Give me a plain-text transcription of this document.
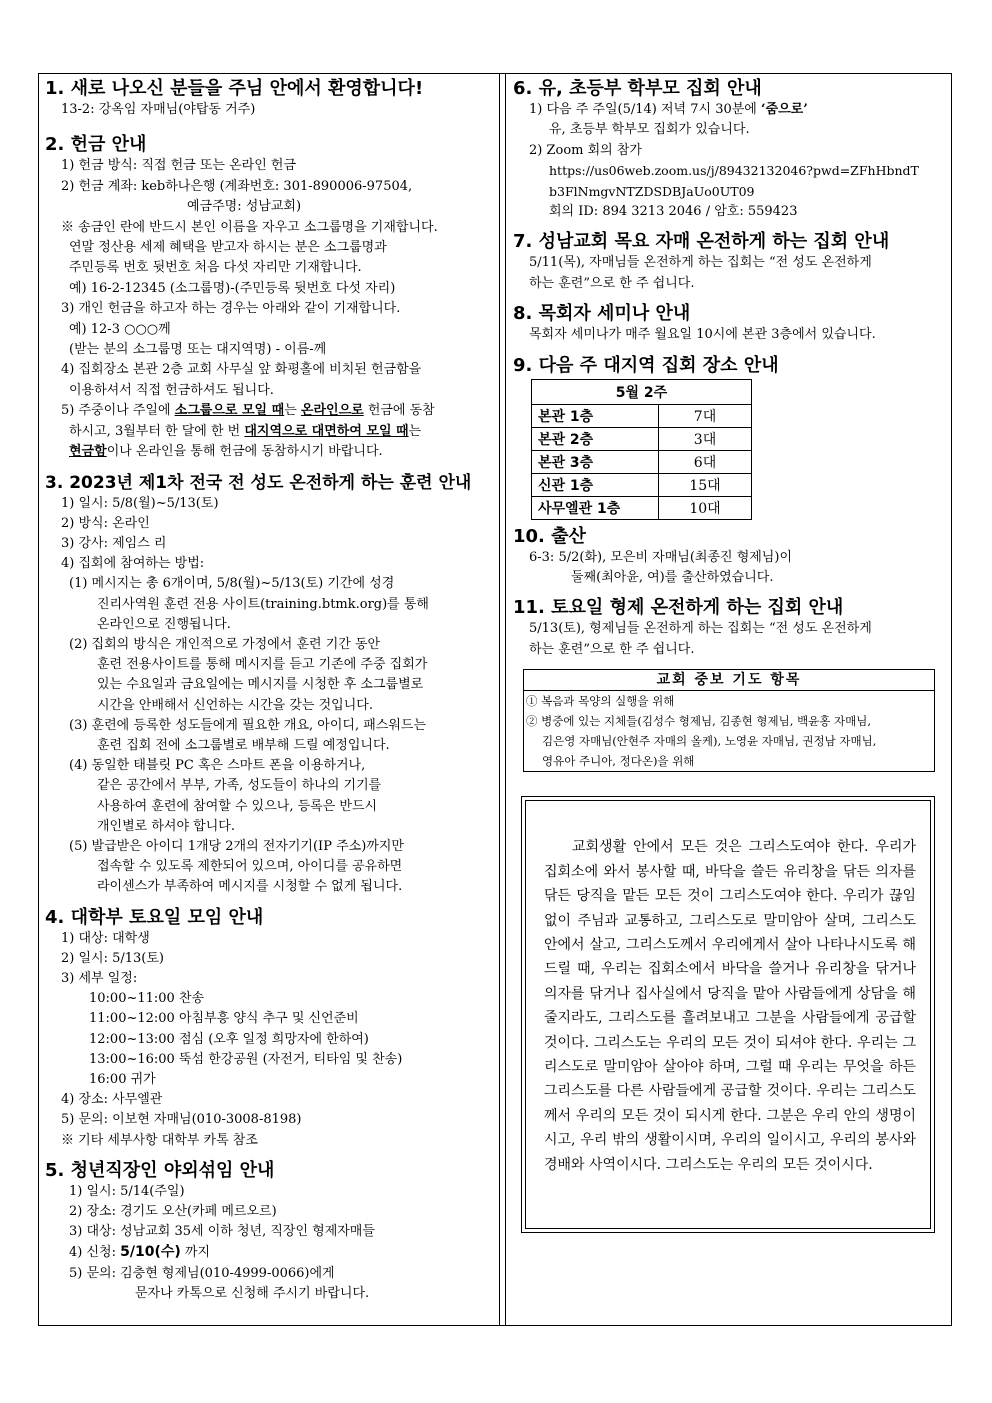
1. 새로 나오신 분들을 주님 안에서 환영합니다!
13-2: 강옥임 자매님(야탑동 거주)
2. 헌금 안내
1) 헌금 방식: 직접 헌금 또는 온라인 헌금
2) 헌금 계좌: keb하나은행 (계좌번호: 301-890006-97504,
예금주명: 성남교회)
※ 송금인 란에 반드시 본인 이름을 자우고 소그룹명을 기재합니다.
연말 정산용 세제 혜택을 받고자 하시는 분은 소그룹명과
주민등록 번호 뒷번호 처음 다섯 자리만 기재합니다.
예) 16-2-12345 (소그룹명)-(주민등록 뒷번호 다섯 자리)
3) 개인 헌금을 하고자 하는 경우는 아래와 같이 기재합니다.
예) 12-3 ○○○께
(받는 분의 소그룹명 또는 대지역명) - 이름-께
4) 집회장소 본관 2층 교회 사무실 앞 화평홀에 비치된 헌금함을
이용하셔서 직접 헌금하셔도 됩니다.
5) 주중이나 주일에 소그룹으로 모일 때는 온라인으로 헌금에 동참
하시고, 3월부터 한 달에 한 번 대지역으로 대면하여 모일 때는
현금함이나 온라인을 통해 헌금에 동참하시기 바랍니다.
3. 2023년 제1차 전국 전 성도 온전하게 하는 훈련 안내
1) 일시: 5/8(월)~5/13(토)
2) 방식: 온라인
3) 강사: 제임스 리
4) 집회에 참여하는 방법:
(1) 메시지는 총 6개이며, 5/8(월)~5/13(토) 기간에 성경
진리사역원 훈련 전용 사이트(training.btmk.org)를 통해
온라인으로 진행됩니다.
(2) 집회의 방식은 개인적으로 가정에서 훈련 기간 동안
훈련 전용사이트를 통해 메시지를 듣고 기존에 주중 집회가
있는 수요일과 금요일에는 메시지를 시청한 후 소그룹별로
시간을 안배해서 신언하는 시간을 갖는 것입니다.
(3) 훈련에 등록한 성도들에게 필요한 개요, 아이디, 패스워드는
훈련 집회 전에 소그룹별로 배부해 드릴 예정입니다.
(4) 동일한 태블릿 PC 혹은 스마트 폰을 이용하거나,
같은 공간에서 부부, 가족, 성도들이 하나의 기기를
사용하여 훈련에 참여할 수 있으나, 등록은 반드시
개인별로 하셔야 합니다.
(5) 발급받은 아이디 1개당 2개의 전자기기(IP 주소)까지만
접속할 수 있도록 제한되어 있으며, 아이디를 공유하면
라이센스가 부족하여 메시지를 시청할 수 없게 됩니다.
4. 대학부 토요일 모임 안내
1) 대상: 대학생
2) 일시: 5/13(토)
3) 세부 일정:
10:00~11:00 찬송
11:00~12:00 아침부흥 양식 추구 및 신언준비
12:00~13:00 점심 (오후 일정 희망자에 한하여)
13:00~16:00 뚝섬 한강공원 (자전거, 티타임 및 찬송)
16:00 귀가
4) 장소: 사무엘관
5) 문의: 이보현 자매님(010-3008-8198)
※ 기타 세부사항 대학부 카톡 참조
5. 청년직장인 야외섞임 안내
1) 일시: 5/14(주일)
2) 장소: 경기도 오산(카페 메르오르)
3) 대상: 성남교회 35세 이하 청년, 직장인 형제자매들
4) 신청: 5/10(수) 까지
5) 문의: 김충현 형제님(010-4999-0066)에게
문자나 카톡으로 신청해 주시기 바랍니다.
6. 유, 초등부 학부모 집회 안내
1) 다음 주 주일(5/14) 저녁 7시 30분에 ‘줌으로’
유, 초등부 학부모 집회가 있습니다.
2) Zoom 회의 참가
https://us06web.zoom.us/j/89432132046?pwd=ZFhHbndT
b3FlNmgvNTZDSDBJaUo0UT09
회의 ID: 894 3213 2046 / 암호: 559423
7. 성남교회 목요 자매 온전하게 하는 집회 안내
5/11(목), 자매님들 온전하게 하는 집회는 “전 성도 온전하게
하는 훈련”으로 한 주 쉽니다.
8. 목회자 세미나 안내
목회자 세미나가 매주 월요일 10시에 본관 3층에서 있습니다.
9. 다음 주 대지역 집회 장소 안내
5월 2주	
본관 1층	7대
본관 2층	3대
본관 3층	6대
신관 1층	15대
사무엘관 1층	10대
10. 출산
6-3: 5/2(화), 모은비 자매님(최종진 형제님)이
둘째(최아윤, 여)를 출산하였습니다.
11. 토요일 형제 온전하게 하는 집회 안내
5/13(토), 형제님들 온전하게 하는 집회는 “전 성도 온전하게
하는 훈련”으로 한 주 쉽니다.
교회 중보 기도 항목
① 복음과 목양의 실행을 위해
② 병중에 있는 지체들(김성수 형제님, 김종현 형제님, 백윤홍 자매님,
김은영 자매님(안현주 자매의 올케), 노영윤 자매님, 권정남 자매님,
영유아 주니아, 정다온)을 위해

교회생활 안에서 모든 것은 그리스도여야 한다. 우리가 집회소에 와서 봉사할 때, 바닥을 쓸든 유리창을 닦든 의자를 닦든 당직을 맡든 모든 것이 그리스도여야 한다. 우리가 끊임없이 주님과 교통하고, 그리스도로 말미암아 살며, 그리스도 안에서 살고, 그리스도께서 우리에게서 살아 나타나시도록 해 드릴 때, 우리는 집회소에서 바닥을 쓸거나 유리창을 닦거나 의자를 닦거나 집사실에서 당직을 맡아 사람들에게 상담을 해 줄지라도, 그리스도를 흘려보내고 그분을 사람들에게 공급할 것이다. 그리스도는 우리의 모든 것이 되셔야 한다. 우리는 그리스도로 말미암아 살아야 하며, 그럴 때 우리는 무엇을 하든 그리스도를 다른 사람들에게 공급할 것이다. 우리는 그리스도께서 우리의 모든 것이 되시게 한다. 그분은 우리 안의 생명이시고, 우리 밖의 생활이시며, 우리의 일이시고, 우리의 봉사와 경배와 사역이시다. 그리스도는 우리의 모든 것이시다.
